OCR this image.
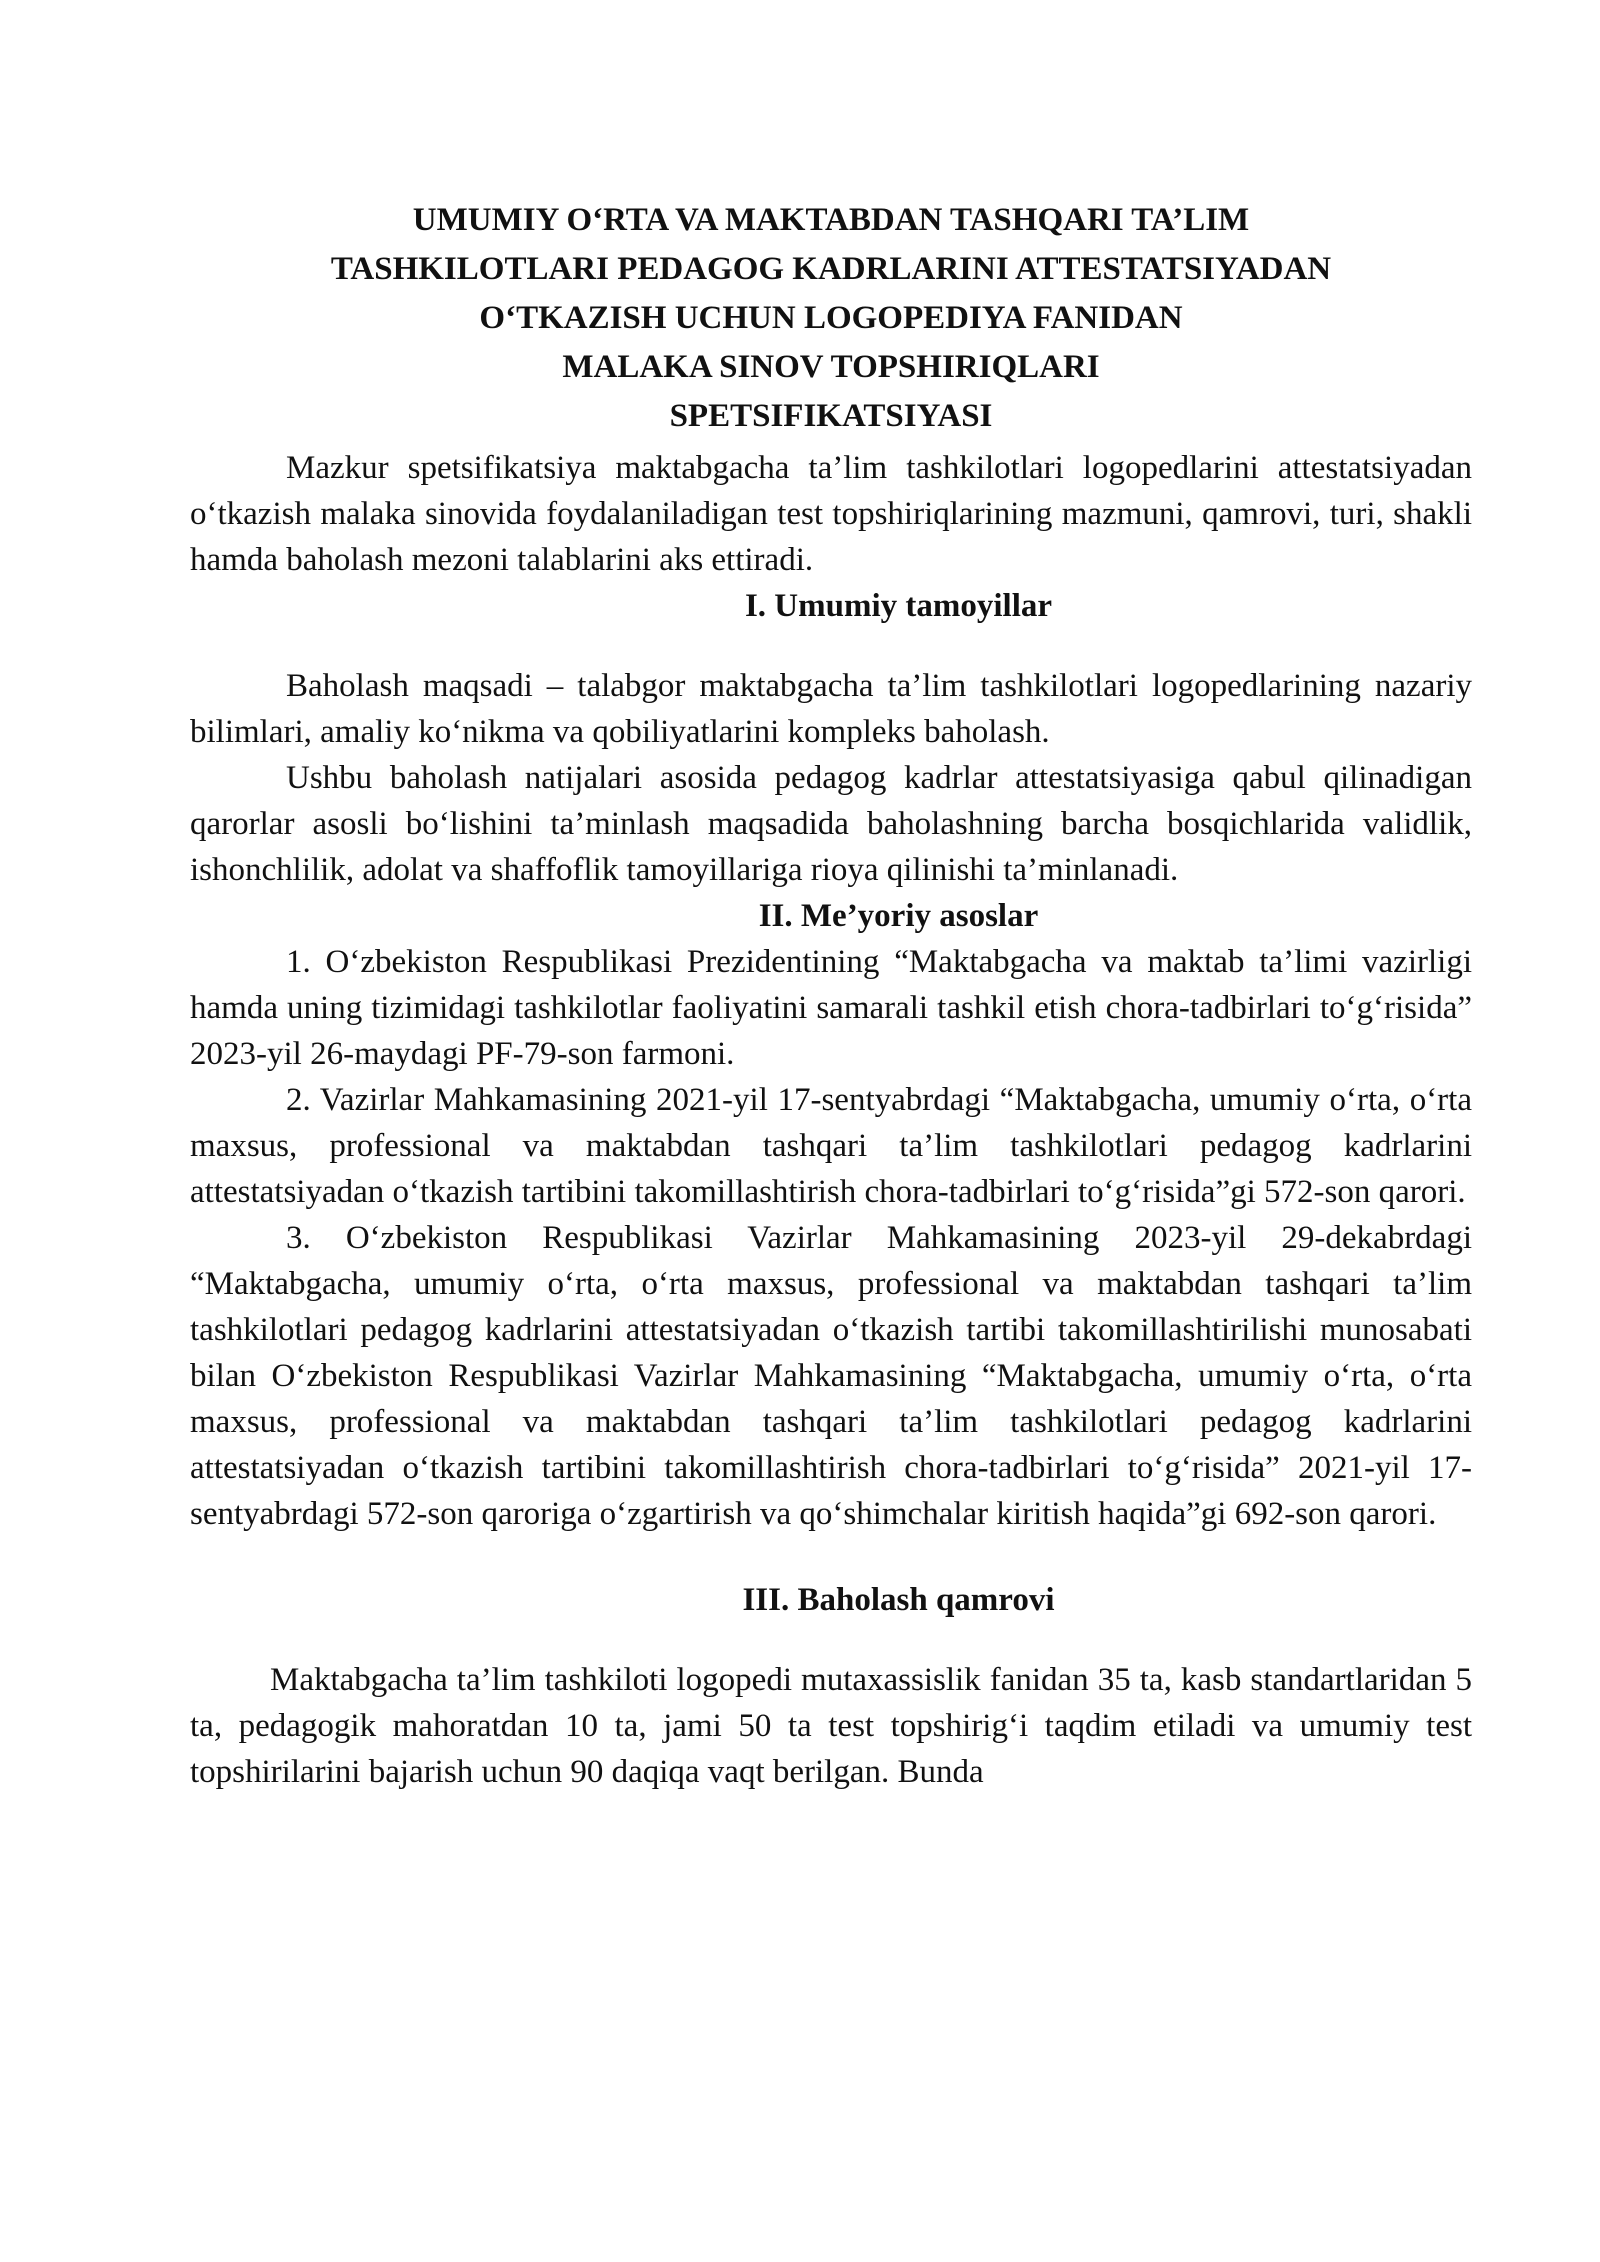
UMUMIY O‘RTA VA MAKTABDAN TASHQARI TA’LIM
TASHKILOTLARI PEDAGOG KADRLARINI ATTESTATSIYADAN
O‘TKAZISH UCHUN LOGOPEDIYA FANIDAN
MALAKA SINOV TOPSHIRIQLARI
SPETSIFIKATSIYASI

Mazkur spetsifikatsiya maktabgacha ta’lim tashkilotlari logopedlarini attestatsiyadan o‘tkazish malaka sinovida foydalaniladigan test topshiriqlarining mazmuni, qamrovi, turi, shakli hamda baholash mezoni talablarini aks ettiradi.

I. Umumiy tamoyillar

Baholash maqsadi – talabgor maktabgacha ta’lim tashkilotlari logopedlarining nazariy bilimlari, amaliy ko‘nikma va qobiliyatlarini kompleks baholash.

Ushbu baholash natijalari asosida pedagog kadrlar attestatsiyasiga qabul qilinadigan qarorlar asosli bo‘lishini ta’minlash maqsadida baholashning barcha bosqichlarida validlik, ishonchlilik, adolat va shaffoflik tamoyillariga rioya qilinishi ta’minlanadi.

II. Me’yoriy asoslar

1. O‘zbekiston Respublikasi Prezidentining “Maktabgacha va maktab ta’limi vazirligi hamda uning tizimidagi tashkilotlar faoliyatini samarali tashkil etish chora-tadbirlari to‘g‘risida” 2023-yil 26-maydagi PF-79-son farmoni.

2. Vazirlar Mahkamasining 2021-yil 17-sentyabrdagi “Maktabgacha, umumiy o‘rta, o‘rta maxsus, professional va maktabdan tashqari ta’lim tashkilotlari pedagog kadrlarini attestatsiyadan o‘tkazish tartibini takomillashtirish chora-tadbirlari to‘g‘risida”gi 572-son qarori.

3. O‘zbekiston Respublikasi Vazirlar Mahkamasining 2023-yil 29-dekabrdagi “Maktabgacha, umumiy o‘rta, o‘rta maxsus, professional va maktabdan tashqari ta’lim tashkilotlari pedagog kadrlarini attestatsiyadan o‘tkazish tartibi takomillashtirilishi munosabati bilan O‘zbekiston Respublikasi Vazirlar Mahkamasining “Maktabgacha, umumiy o‘rta, o‘rta maxsus, professional va maktabdan tashqari ta’lim tashkilotlari pedagog kadrlarini attestatsiyadan o‘tkazish tartibini takomillashtirish chora-tadbirlari to‘g‘risida” 2021-yil 17-sentyabrdagi 572-son qaroriga o‘zgartirish va qo‘shimchalar kiritish haqida”gi 692-son qarori.

III. Baholash qamrovi

Maktabgacha ta’lim tashkiloti logopedi mutaxassislik fanidan 35 ta, kasb standartlaridan 5 ta, pedagogik mahoratdan 10 ta, jami 50 ta test topshirig‘i taqdim etiladi va umumiy test topshirilarini bajarish uchun 90 daqiqa vaqt berilgan. Bunda
